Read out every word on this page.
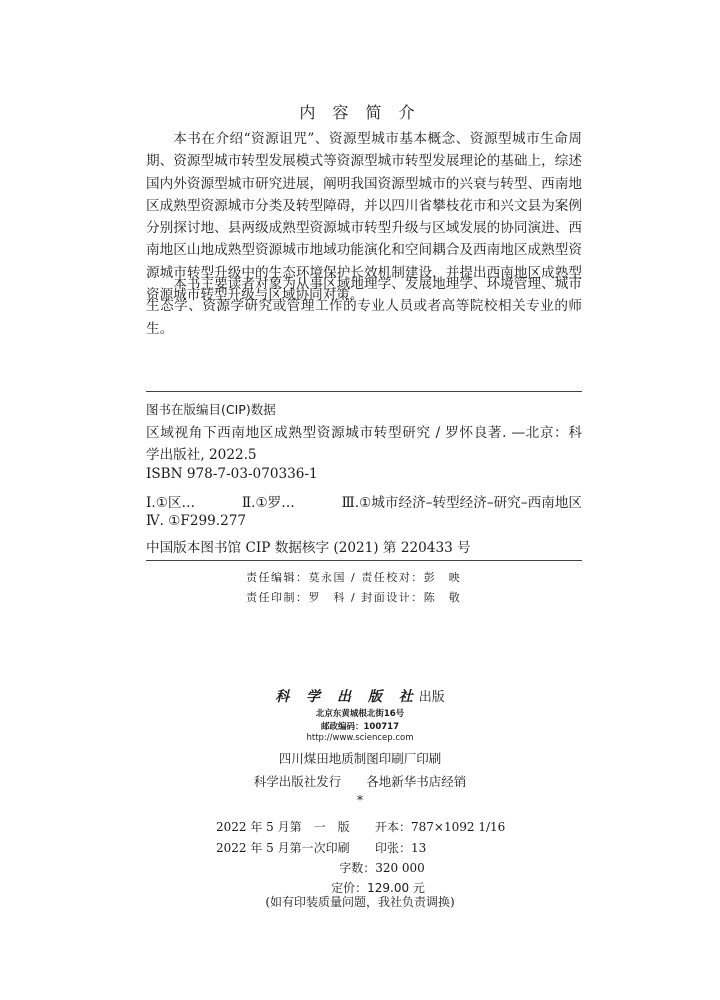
内 容 简 介

本书在介绍“资源诅咒”、资源型城市基本概念、资源型城市生命周期、资源型城市转型发展模式等资源型城市转型发展理论的基础上，综述国内外资源型城市研究进展，阐明我国资源型城市的兴衰与转型、西南地区成熟型资源城市分类及转型障碍，并以四川省攀枝花市和兴文县为案例分别探讨地、县两级成熟型资源城市转型升级与区域发展的协同演进、西南地区山地成熟型资源城市地域功能演化和空间耦合及西南地区成熟型资源城市转型升级中的生态环境保护长效机制建设，并提出西南地区成熟型资源城市转型升级与区域协同对策。

本书主要读者对象为从事区域地理学、发展地理学、环境管理、城市生态学、资源学研究或管理工作的专业人员或者高等院校相关专业的师生。

图书在版编目(CIP)数据
区域视角下西南地区成熟型资源城市转型研究 / 罗怀良著. —北京：科
学出版社, 2022.5
ISBN 978-7-03-070336-1
Ⅰ.①区…	Ⅱ.①罗…	Ⅲ.①城市经济–转型经济–研究–西南地区
Ⅳ. ①F299.277
中国版本图书馆 CIP 数据核字 (2021) 第 220433 号
责任编辑：莫永国 / 责任校对：彭　映
责任印制：罗　科 / 封面设计：陈　敬
科 学 出 版 社出版
北京东黄城根北街16号
邮政编码：100717
http://www.sciencep.com
四川煤田地质制图印刷厂印刷
科学出版社发行　　各地新华书店经销
*
2022 年 5 月第　一　版 开本：787×1092 1/16
2022 年 5 月第一次印刷 印张：13
字数：320 000
定价：129.00 元
(如有印装质量问题，我社负责调换)
